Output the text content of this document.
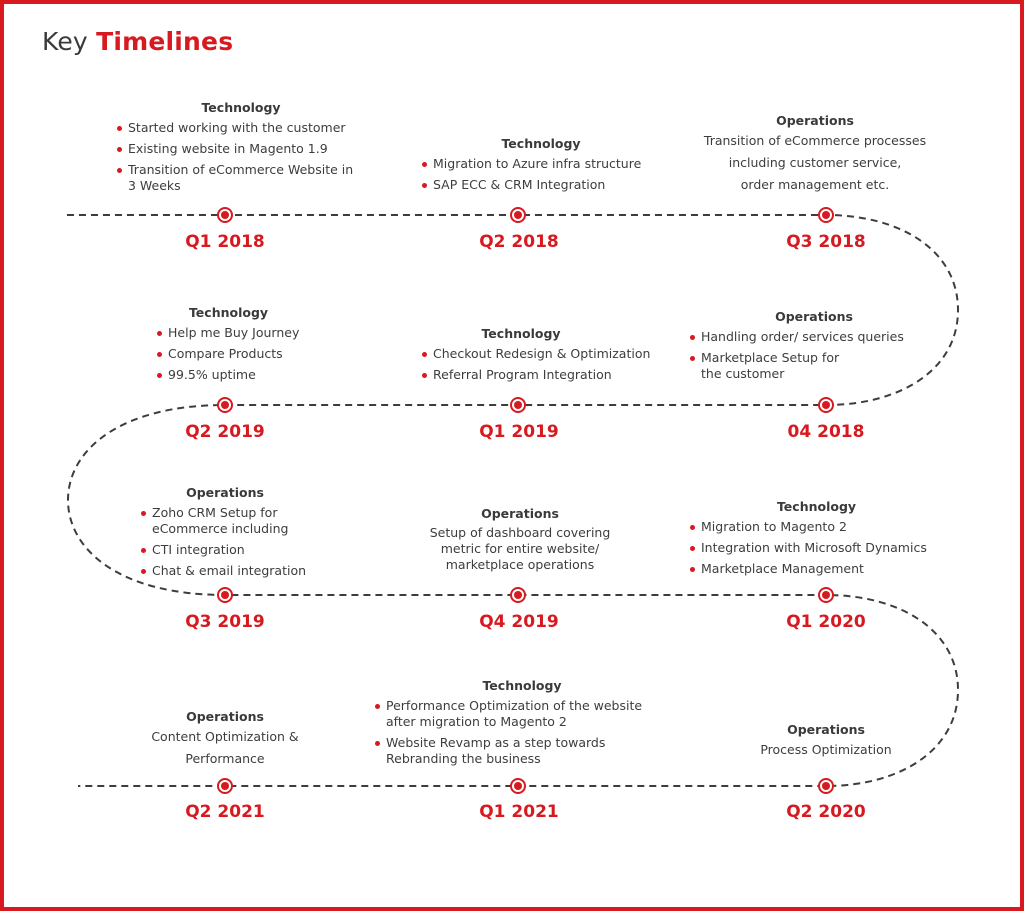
Key Timelines
Technology
Started working with the customer
Existing website in Magento 1.9
Transition of eCommerce Website in 3 Weeks
Q1 2018
Technology
Migration to Azure infra structure
SAP ECC & CRM Integration
Q2 2018
Operations
Transition of eCommerce processes
including customer service,
order management etc.
Q3 2018
Technology
Help me Buy Journey
Compare Products
99.5% uptime
Q2 2019
Technology
Checkout Redesign & Optimization
Referral Program Integration
Q1 2019
Operations
Handling order/ services queries
Marketplace Setup for the customer
04 2018
Operations
Zoho CRM Setup for eCommerce including
CTI integration
Chat & email integration
Q3 2019
Operations
Setup of dashboard covering
metric for entire website/
marketplace operations
Q4 2019
Technology
Migration to Magento 2
Integration with Microsoft Dynamics
Marketplace Management
Q1 2020
Operations
Content Optimization &
Performance
Q2 2021
Technology
Performance Optimization of the website after migration to Magento 2
Website Revamp as a step towards Rebranding the business
Q1 2021
Operations
Process Optimization
Q2 2020
